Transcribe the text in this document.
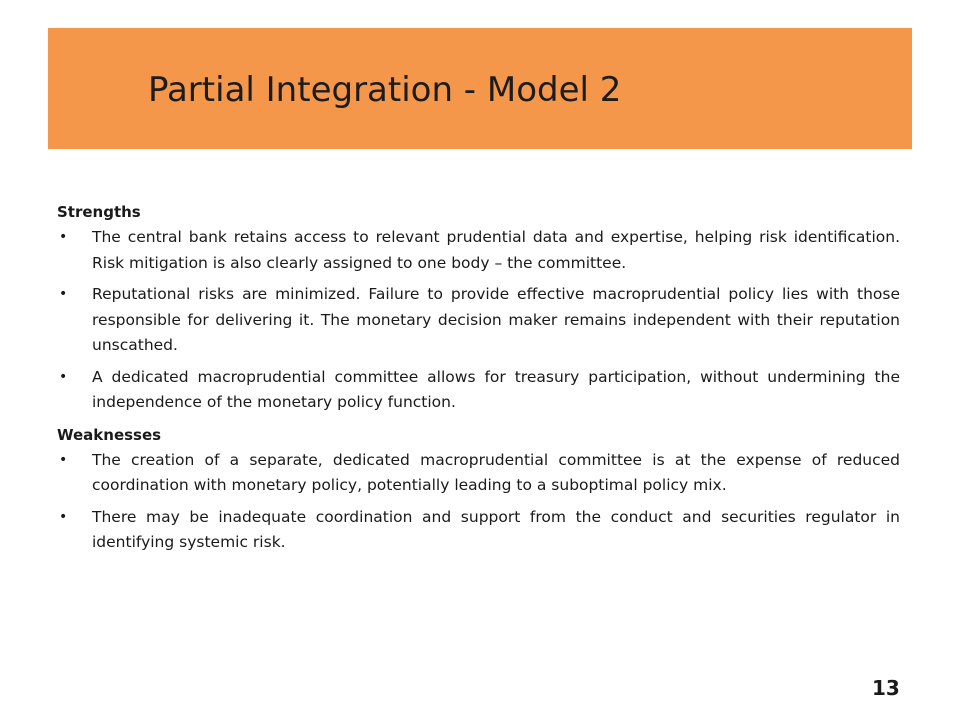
Partial Integration - Model 2

Strengths

• The central bank retains access to relevant prudential data and expertise, helping risk identification. Risk mitigation is also clearly assigned to one body – the committee.
• Reputational risks are minimized. Failure to provide effective macroprudential policy lies with those responsible for delivering it. The monetary decision maker remains independent with their reputation unscathed.
• A dedicated macroprudential committee allows for treasury participation, without undermining the independence of the monetary policy function.

Weaknesses

• The creation of a separate, dedicated macroprudential committee is at the expense of reduced coordination with monetary policy, potentially leading to a suboptimal policy mix.
• There may be inadequate coordination and support from the conduct and securities regulator in identifying systemic risk.
13
